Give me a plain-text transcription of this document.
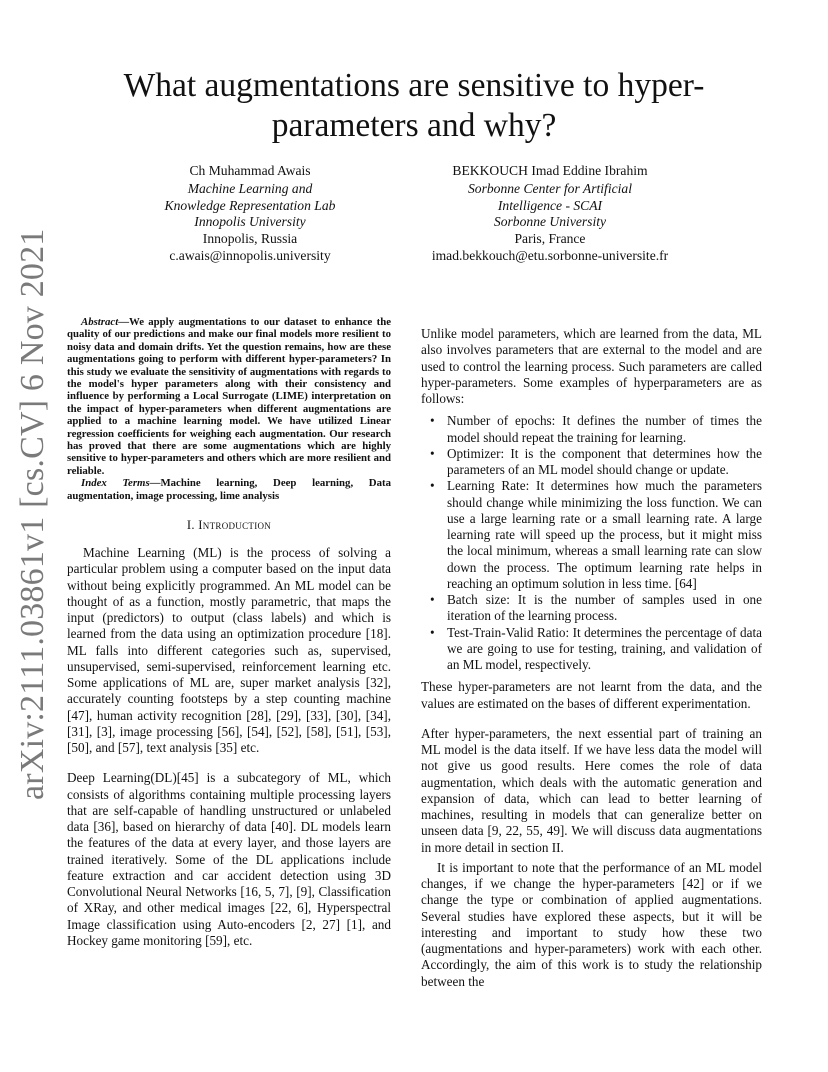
arXiv:2111.03861v1 [cs.CV] 6 Nov 2021
What augmentations are sensitive to hyper-parameters and why?
Ch Muhammad Awais
Machine Learning and
Knowledge Representation Lab
Innopolis University
Innopolis, Russia
c.awais@innopolis.university
BEKKOUCH Imad Eddine Ibrahim
Sorbonne Center for Artificial
Intelligence - SCAI
Sorbonne University
Paris, France
imad.bekkouch@etu.sorbonne-universite.fr

Abstract—We apply augmentations to our dataset to enhance the quality of our predictions and make our final models more resilient to noisy data and domain drifts. Yet the question remains, how are these augmentations going to perform with different hyper-parameters? In this study we evaluate the sensitivity of augmentations with regards to the model's hyper parameters along with their consistency and influence by performing a Local Surrogate (LIME) interpretation on the impact of hyper-parameters when different augmentations are applied to a machine learning model. We have utilized Linear regression coefficients for weighing each augmentation. Our research has proved that there are some augmentations which are highly sensitive to hyper-parameters and others which are more resilient and reliable.

Index Terms—Machine learning, Deep learning, Data augmentation, image processing, lime analysis

I. Introduction

Machine Learning (ML) is the process of solving a particular problem using a computer based on the input data without being explicitly programmed. An ML model can be thought of as a function, mostly parametric, that maps the input (predictors) to output (class labels) and which is learned from the data using an optimization procedure [18]. ML falls into different categories such as, supervised, unsupervised, semi-supervised, reinforcement learning etc. Some applications of ML are, super market analysis [32], accurately counting footsteps by a step counting machine [47], human activity recognition [28], [29], [33], [30], [34], [31], [3], image processing [56], [54], [52], [58], [51], [53], [50], and [57], text analysis [35] etc.

Deep Learning(DL)[45] is a subcategory of ML, which consists of algorithms containing multiple processing layers that are self-capable of handling unstructured or unlabeled data [36], based on hierarchy of data [40]. DL models learn the features of the data at every layer, and those layers are trained iteratively. Some of the DL applications include feature extraction and car accident detection using 3D Convolutional Neural Networks [16, 5, 7], [9], Classification of XRay, and other medical images [22, 6], Hyperspectral Image classification using Auto-encoders [2, 27] [1], and Hockey game monitoring [59], etc.

Unlike model parameters, which are learned from the data, ML also involves parameters that are external to the model and are used to control the learning process. Such parameters are called hyper-parameters. Some examples of hyperparameters are as follows:

• Number of epochs: It defines the number of times the model should repeat the training for learning.
• Optimizer: It is the component that determines how the parameters of an ML model should change or update.
• Learning Rate: It determines how much the parameters should change while minimizing the loss function. We can use a large learning rate or a small learning rate. A large learning rate will speed up the process, but it might miss the local minimum, whereas a small learning rate can slow down the process. The optimum learning rate helps in reaching an optimum solution in less time. [64]
• Batch size: It is the number of samples used in one iteration of the learning process.
• Test-Train-Valid Ratio: It determines the percentage of data we are going to use for testing, training, and validation of an ML model, respectively.

These hyper-parameters are not learnt from the data, and the values are estimated on the bases of different experimentation.

After hyper-parameters, the next essential part of training an ML model is the data itself. If we have less data the model will not give us good results. Here comes the role of data augmentation, which deals with the automatic generation and expansion of data, which can lead to better learning of machines, resulting in models that can generalize better on unseen data [9, 22, 55, 49]. We will discuss data augmentations in more detail in section II.

It is important to note that the performance of an ML model changes, if we change the hyper-parameters [42] or if we change the type or combination of applied augmentations. Several studies have explored these aspects, but it will be interesting and important to study how these two (augmentations and hyper-parameters) work with each other. Accordingly, the aim of this work is to study the relationship between the
